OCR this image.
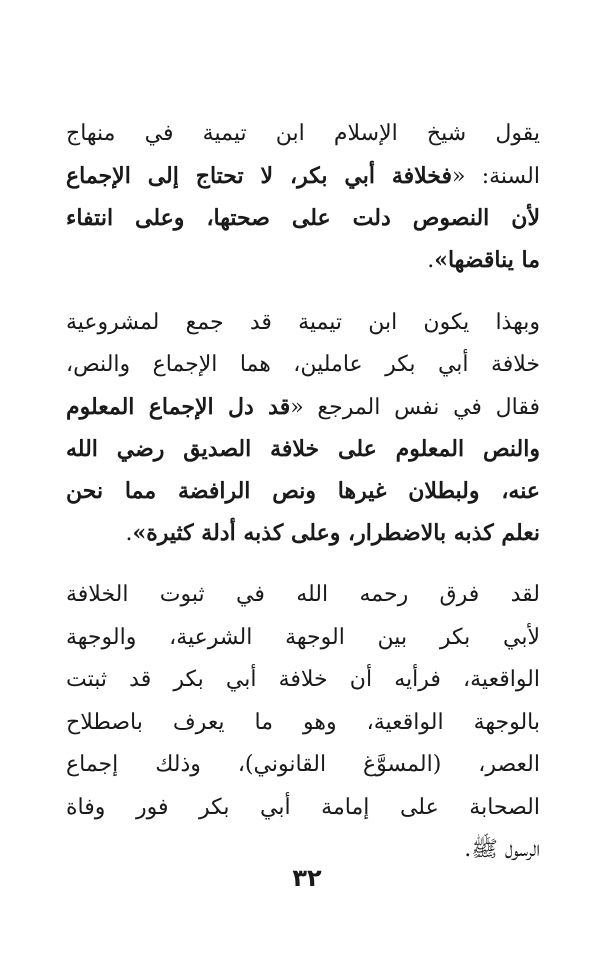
يقول شيخ الإسلام ابن تيمية في منهاج
السنة: «فخلافة أبي بكر، لا تحتاج إلى الإجماع
لأن النصوص دلت على صحتها، وعلى انتفاء
ما يناقضها».
وبهذا يكون ابن تيمية قد جمع لمشروعية
خلافة أبي بكر عاملين، هما الإجماع والنص،
فقال في نفس المرجع «قد دل الإجماع المعلوم
والنص المعلوم على خلافة الصديق رضي الله
عنه، ولبطلان غيرها ونص الرافضة مما نحن
نعلم كذبه بالاضطرار، وعلى كذبه أدلة كثيرة».
لقد فرق رحمه الله في ثبوت الخلافة
لأبي بكر بين الوجهة الشرعية، والوجهة
الواقعية، فرأيه أن خلافة أبي بكر قد ثبتت
بالوجهة الواقعية، وهو ما يعرف باصطلاح
العصر، (المسوَّغ القانوني)، وذلك إجماع
الصحابة على إمامة أبي بكر فور وفاة
الرسول ﷺ.
٣٢
